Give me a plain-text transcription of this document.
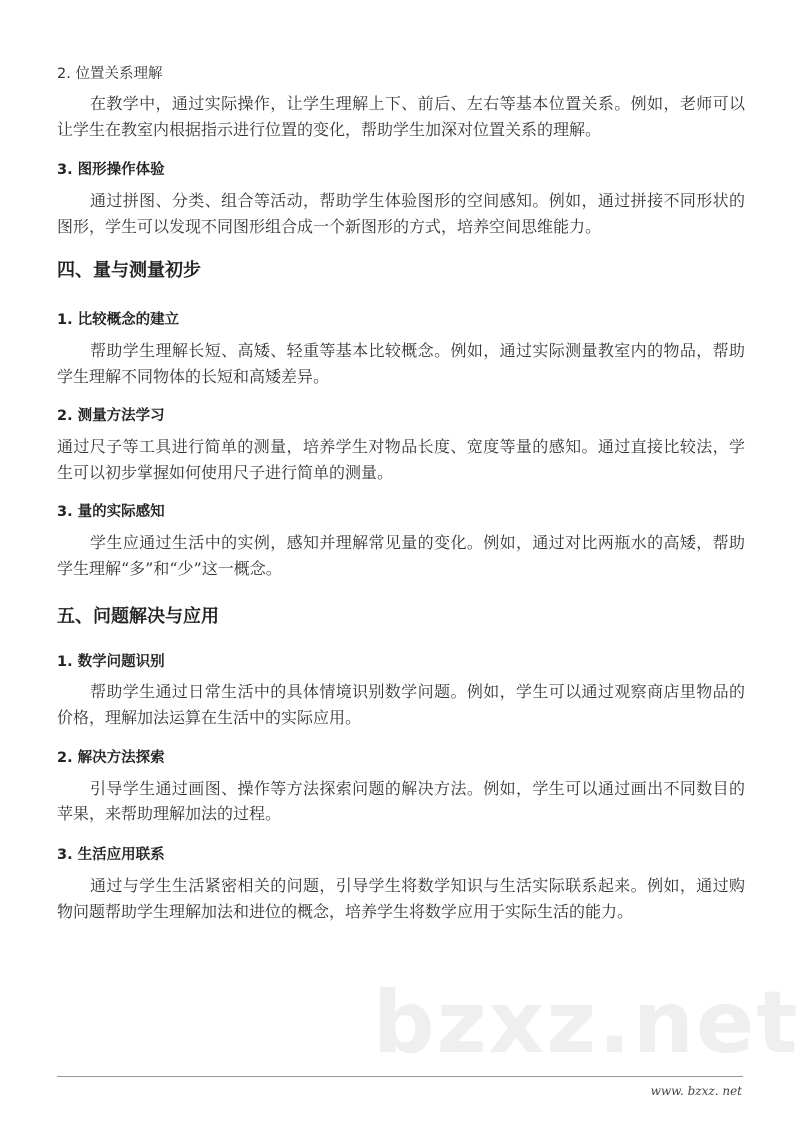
2. 位置关系理解
在教学中，通过实际操作，让学生理解上下、前后、左右等基本位置关系。例如，老师可以
让学生在教室内根据指示进行位置的变化，帮助学生加深对位置关系的理解。
3. 图形操作体验
通过拼图、分类、组合等活动，帮助学生体验图形的空间感知。例如，通过拼接不同形状的
图形，学生可以发现不同图形组合成一个新图形的方式，培养空间思维能力。
四、量与测量初步
1. 比较概念的建立
帮助学生理解长短、高矮、轻重等基本比较概念。例如，通过实际测量教室内的物品，帮助
学生理解不同物体的长短和高矮差异。
2. 测量方法学习
通过尺子等工具进行简单的测量，培养学生对物品长度、宽度等量的感知。通过直接比较法，学
生可以初步掌握如何使用尺子进行简单的测量。
3. 量的实际感知
学生应通过生活中的实例，感知并理解常见量的变化。例如，通过对比两瓶水的高矮，帮助
学生理解“多”和“少”这一概念。
五、问题解决与应用
1. 数学问题识别
帮助学生通过日常生活中的具体情境识别数学问题。例如，学生可以通过观察商店里物品的
价格，理解加法运算在生活中的实际应用。
2. 解决方法探索
引导学生通过画图、操作等方法探索问题的解决方法。例如，学生可以通过画出不同数目的
苹果，来帮助理解加法的过程。
3. 生活应用联系
通过与学生生活紧密相关的问题，引导学生将数学知识与生活实际联系起来。例如，通过购
物问题帮助学生理解加法和进位的概念，培养学生将数学应用于实际生活的能力。
bzxz.net
www. bzxz. net
